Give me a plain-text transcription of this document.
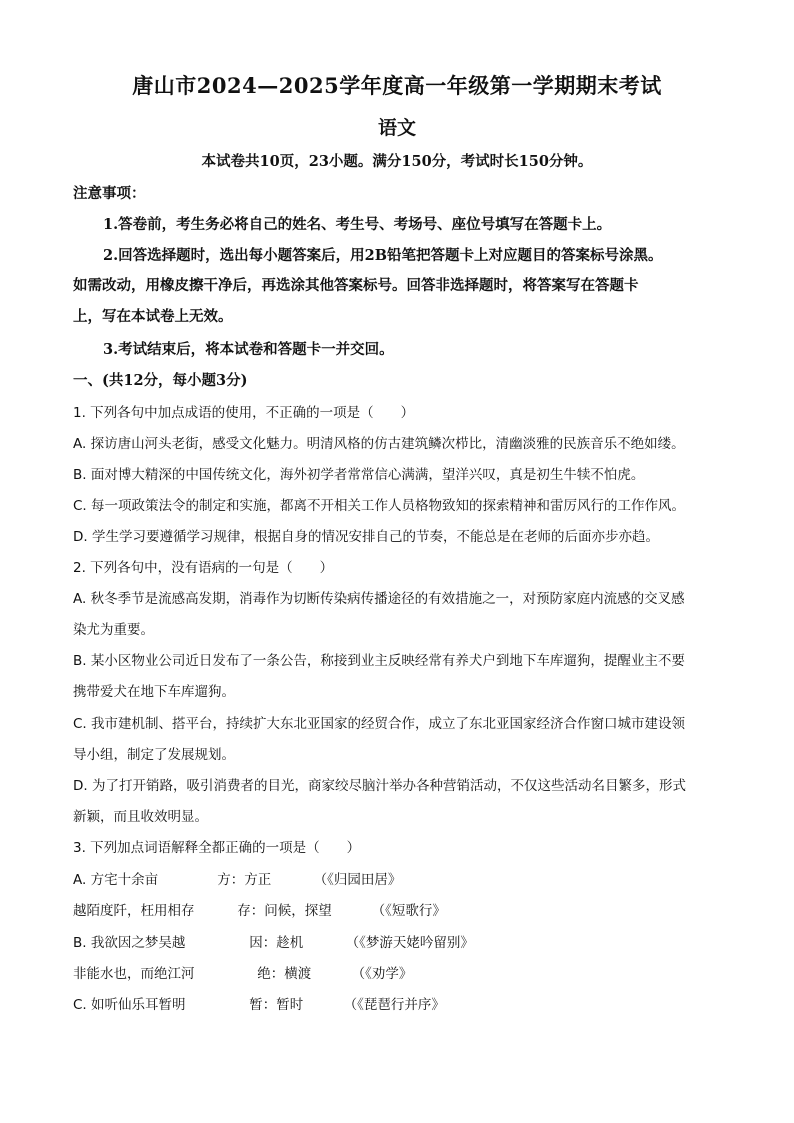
唐山市2024—2025学年度高一年级第一学期期末考试
语文
本试卷共10页，23小题。满分150分，考试时长150分钟。
注意事项：
1.答卷前，考生务必将自己的姓名、考生号、考场号、座位号填写在答题卡上。
2.回答选择题时，选出每小题答案后，用2B铅笔把答题卡上对应题目的答案标号涂黑。
如需改动，用橡皮擦干净后，再选涂其他答案标号。回答非选择题时，将答案写在答题卡
上，写在本试卷上无效。
3.考试结束后，将本试卷和答题卡一并交回。
一、(共12分，每小题3分)
1. 下列各句中加点成语的使用，不正确的一项是（　　）
A. 探访唐山河头老街，感受文化魅力。明清风格的仿古建筑鳞次栉比，清幽淡雅的民族音乐不绝如缕。
B. 面对博大精深的中国传统文化，海外初学者常常信心满满，望洋兴叹，真是初生牛犊不怕虎。
C. 每一项政策法令的制定和实施，都离不开相关工作人员格物致知的探索精神和雷厉风行的工作作风。
D. 学生学习要遵循学习规律，根据自身的情况安排自己的节奏，不能总是在老师的后面亦步亦趋。
2. 下列各句中，没有语病的一句是（　　）
A. 秋冬季节是流感高发期，消毒作为切断传染病传播途径的有效措施之一，对预防家庭内流感的交叉感
染尤为重要。
B. 某小区物业公司近日发布了一条公告，称接到业主反映经常有养犬户到地下车库遛狗，提醒业主不要
携带爱犬在地下车库遛狗。
C. 我市建机制、搭平台，持续扩大东北亚国家的经贸合作，成立了东北亚国家经济合作窗口城市建设领
导小组，制定了发展规划。
D. 为了打开销路，吸引消费者的目光，商家绞尽脑汁举办各种营销活动，不仅这些活动名目繁多，形式
新颖，而且收效明显。
3. 下列加点词语解释全都正确的一项是（　　）
A. 方宅十余亩	方：方正	（《归园田居》
越陌度阡，枉用相存	存：问候，探望	（《短歌行》
B. 我欲因之梦吴越	因：趁机	（《梦游天姥吟留别》
非能水也，而绝江河	绝：横渡	（《劝学》
C. 如听仙乐耳暂明	暂：暂时	（《琵琶行并序》
